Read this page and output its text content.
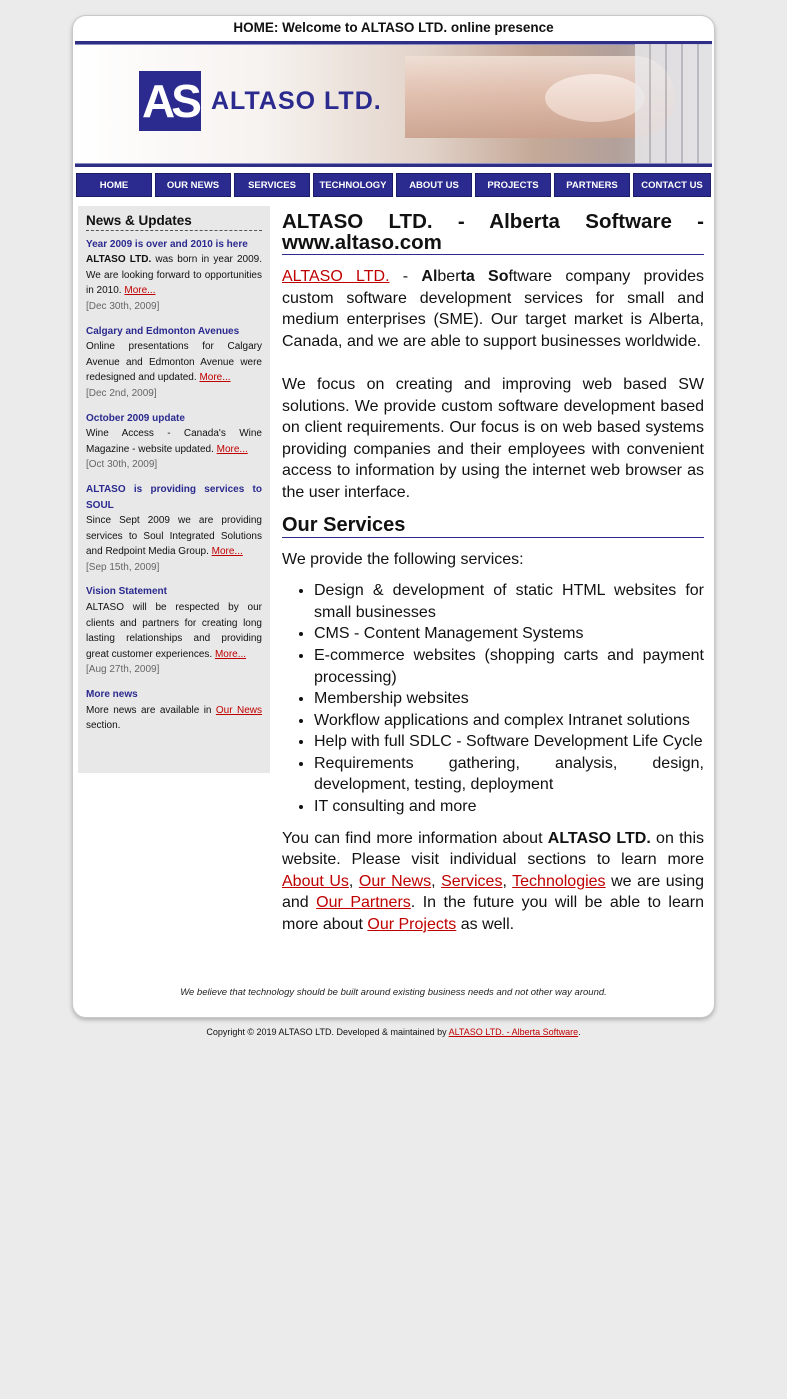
HOME: Welcome to ALTASO LTD. online presence
AS ALTASO LTD.
HOME	OUR NEWS	SERVICES	TECHNOLOGY	ABOUT US	PROJECTS	PARTNERS	CONTACT US
News & Updates
Year 2009 is over and 2010 is here
ALTASO LTD. was born in year 2009. We are looking forward to opportunities in 2010. More...
[Dec 30th, 2009]
Calgary and Edmonton Avenues
Online presentations for Calgary Avenue and Edmonton Avenue were redesigned and updated. More...
[Dec 2nd, 2009]
October 2009 update
Wine Access - Canada's Wine Magazine - website updated. More...
[Oct 30th, 2009]
ALTASO is providing services to SOUL
Since Sept 2009 we are providing services to Soul Integrated Solutions and Redpoint Media Group. More...
[Sep 15th, 2009]
Vision Statement
ALTASO will be respected by our clients and partners for creating long lasting relationships and providing great customer experiences. More...
[Aug 27th, 2009]
More news
More news are available in Our News section.
ALTASO LTD. - Alberta Software - www.altaso.com

ALTASO LTD. - Alberta Software company provides custom software development services for small and medium enterprises (SME). Our target market is Alberta, Canada, and we are able to support businesses worldwide.

We focus on creating and improving web based SW solutions. We provide custom software development based on client requirements. Our focus is on web based systems providing companies and their employees with convenient access to information by using the internet web browser as the user interface.

Our Services

We provide the following services:

• Design & development of static HTML websites for small businesses
• CMS - Content Management Systems
• E-commerce websites (shopping carts and payment processing)
• Membership websites
• Workflow applications and complex Intranet solutions
• Help with full SDLC - Software Development Life Cycle
• Requirements gathering, analysis, design, development, testing, deployment
• IT consulting and more

You can find more information about ALTASO LTD. on this website. Please visit individual sections to learn more About Us, Our News, Services, Technologies we are using and Our Partners. In the future you will be able to learn more about Our Projects as well.

We believe that technology should be built around existing business needs and not other way around.
Copyright © 2019 ALTASO LTD. Developed & maintained by ALTASO LTD. - Alberta Software.
